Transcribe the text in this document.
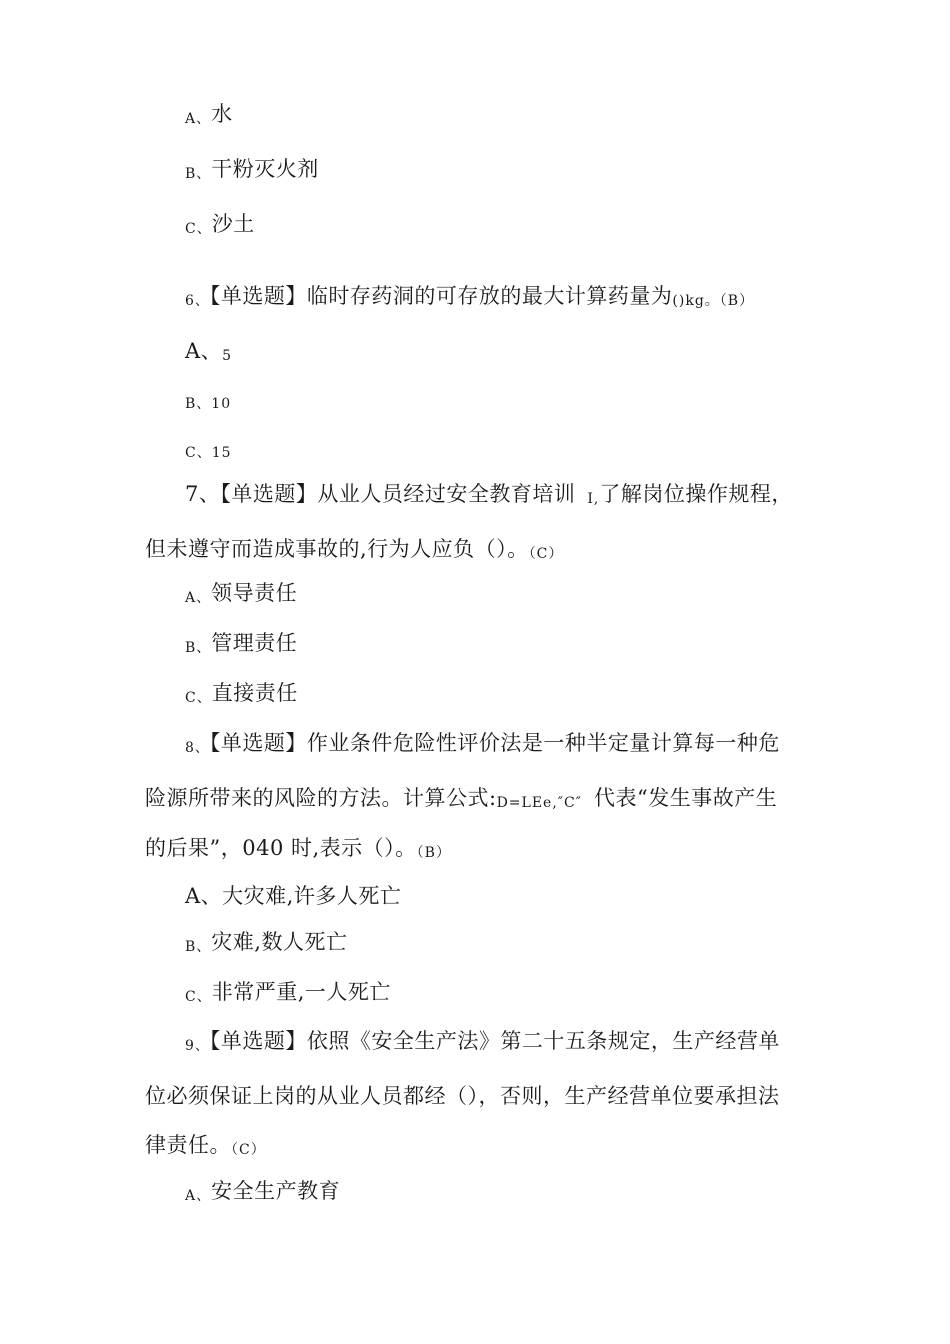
A、水
B、干粉灭火剂
C、沙土
6、【单选题】临时存药洞的可存放的最大计算药量为()kg。（B）
A、5
B、10
C、15
7、【单选题】从业人员经过安全教育培训 I,了解岗位操作规程，
但未遵守而造成事故的,行为人应负（）。（C）
A、领导责任
B、管理责任
C、直接责任
8、【单选题】作业条件危险性评价法是一种半定量计算每一种危
险源所带来的风险的方法。计算公式:D=LEe,″C″ 代表“发生事故产生
的后果”，040 时,表示（）。（B）
A、大灾难,许多人死亡
B、灾难,数人死亡
C、非常严重,一人死亡
9、【单选题】依照《安全生产法》第二十五条规定，生产经营单
位必须保证上岗的从业人员都经（），否则，生产经营单位要承担法
律责任。（C）
A、安全生产教育
